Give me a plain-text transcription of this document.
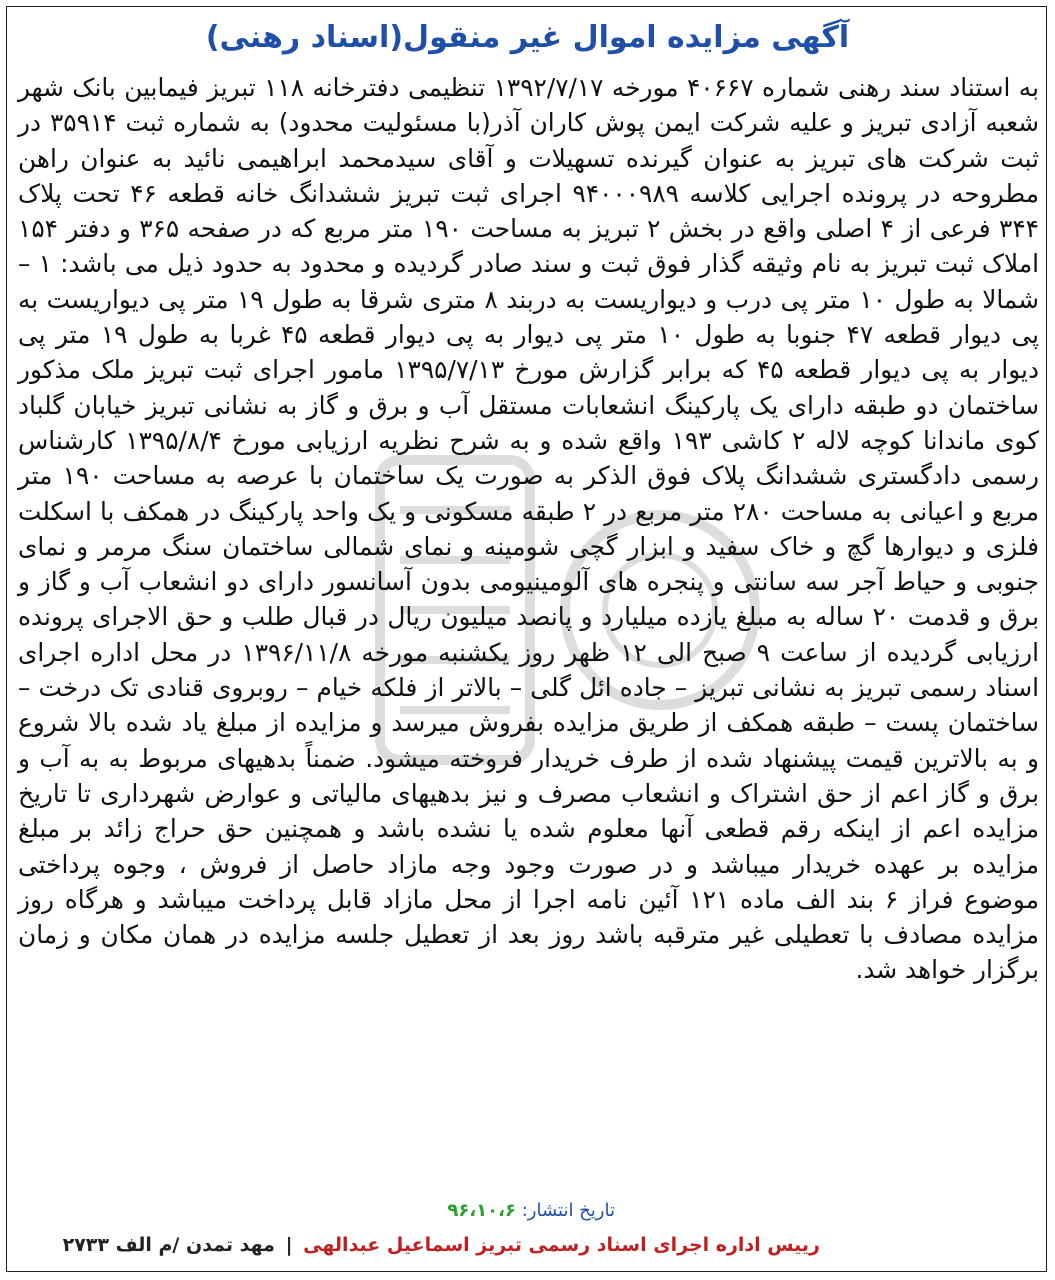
آگهی مزایده اموال غیر منقول(اسناد رهنی)
به استناد سند رهنی شماره ۴۰۶۶۷ مورخه ۱۳۹۲/۷/۱۷ تنظیمی دفترخانه ۱۱۸ تبریز فیمابین بانک شهر شعبه آزادی تبریز و علیه شرکت ایمن پوش کاران آذر(با مسئولیت محدود) به شماره ثبت ۳۵۹۱۴ در ثبت شرکت های تبریز به عنوان گیرنده تسهیلات و آقای سیدمحمد ابراهیمی نائید به عنوان راهن مطروحه در پرونده اجرایی کلاسه ۹۴۰۰۰۹۸۹ اجرای ثبت تبریز ششدانگ خانه قطعه ۴۶ تحت پلاک ۳۴۴ فرعی از ۴ اصلی واقع در بخش ۲ تبریز به مساحت ۱۹۰ متر مربع که در صفحه ۳۶۵ و دفتر ۱۵۴ املاک ثبت تبریز به نام وثیقه گذار فوق ثبت و سند صادر گردیده و محدود به حدود ذیل می باشد: ۱ –شمالا به طول ۱۰ متر پی درب و دیواریست به دربند ۸ متری شرقا به طول ۱۹ متر پی دیواریست به پی دیوار قطعه ۴۷ جنوبا به طول ۱۰ متر پی دیوار به پی دیوار قطعه ۴۵ غربا به طول ۱۹ متر پی دیوار به پی دیوار قطعه ۴۵ که برابر گزارش مورخ ۱۳۹۵/۷/۱۳ مامور اجرای ثبت تبریز ملک مذکور ساختمان دو طبقه دارای یک پارکینگ انشعابات مستقل آب و برق و گاز به نشانی تبریز خیابان گلباد کوی ماندانا کوچه لاله ۲ کاشی ۱۹۳ واقع شده و به شرح نظریه ارزیابی مورخ ۱۳۹۵/۸/۴ کارشناس رسمی دادگستری ششدانگ پلاک فوق الذکر به صورت یک ساختمان با عرصه به مساحت ۱۹۰ متر مربع و اعیانی به مساحت ۲۸۰ متر مربع در ۲ طبقه مسکونی و یک واحد پارکینگ در همکف با اسکلت فلزی و دیوارها گچ و خاک سفید و ابزار گچی شومینه و نمای شمالی ساختمان سنگ مرمر و نمای جنوبی و حیاط آجر سه سانتی و پنجره های آلومینیومی بدون آسانسور دارای دو انشعاب آب و گاز و برق و قدمت ۲۰ ساله به مبلغ یازده میلیارد و پانصد میلیون ریال در قبال طلب و حق الاجرای پرونده ارزیابی گردیده از ساعت ۹ صبح الی ۱۲ ظهر روز یکشنبه مورخه ۱۳۹۶/۱۱/۸ در محل اداره اجرای اسناد رسمی تبریز به نشانی تبریز – جاده ائل گلی – بالاتر از فلکه خیام – روبروی قنادی تک درخت – ساختمان پست – طبقه همکف از طریق مزایده بفروش میرسد و مزایده از مبلغ یاد شده بالا شروع و به بالاترین قیمت پیشنهاد شده از طرف خریدار فروخته میشود. ضمناً بدهیهای مربوط به به آب و برق و گاز اعم از حق اشتراک و انشعاب مصرف و نیز بدهیهای مالیاتی و عوارض شهرداری تا تاریخ مزایده اعم از اینکه رقم قطعی آنها معلوم شده یا نشده باشد و همچنین حق حراج زائد بر مبلغ مزایده بر عهده خریدار میباشد و در صورت وجود وجه مازاد حاصل از فروش ، وجوه پرداختی موضوع فراز ۶ بند الف ماده ۱۲۱ آئین نامه اجرا از محل مازاد قابل پرداخت میباشد و هرگاه روز مزایده مصادف با تعطیلی غیر مترقبه باشد روز بعد از تعطیل جلسه مزایده در همان مکان و زمان برگزار خواهد شد.
تاریخ انتشار: ۹۶،۱۰،۶
رییس اداره اجرای اسناد رسمی تبریز اسماعیل عبدالهی | مهد تمدن /م الف ۲۷۳۳
